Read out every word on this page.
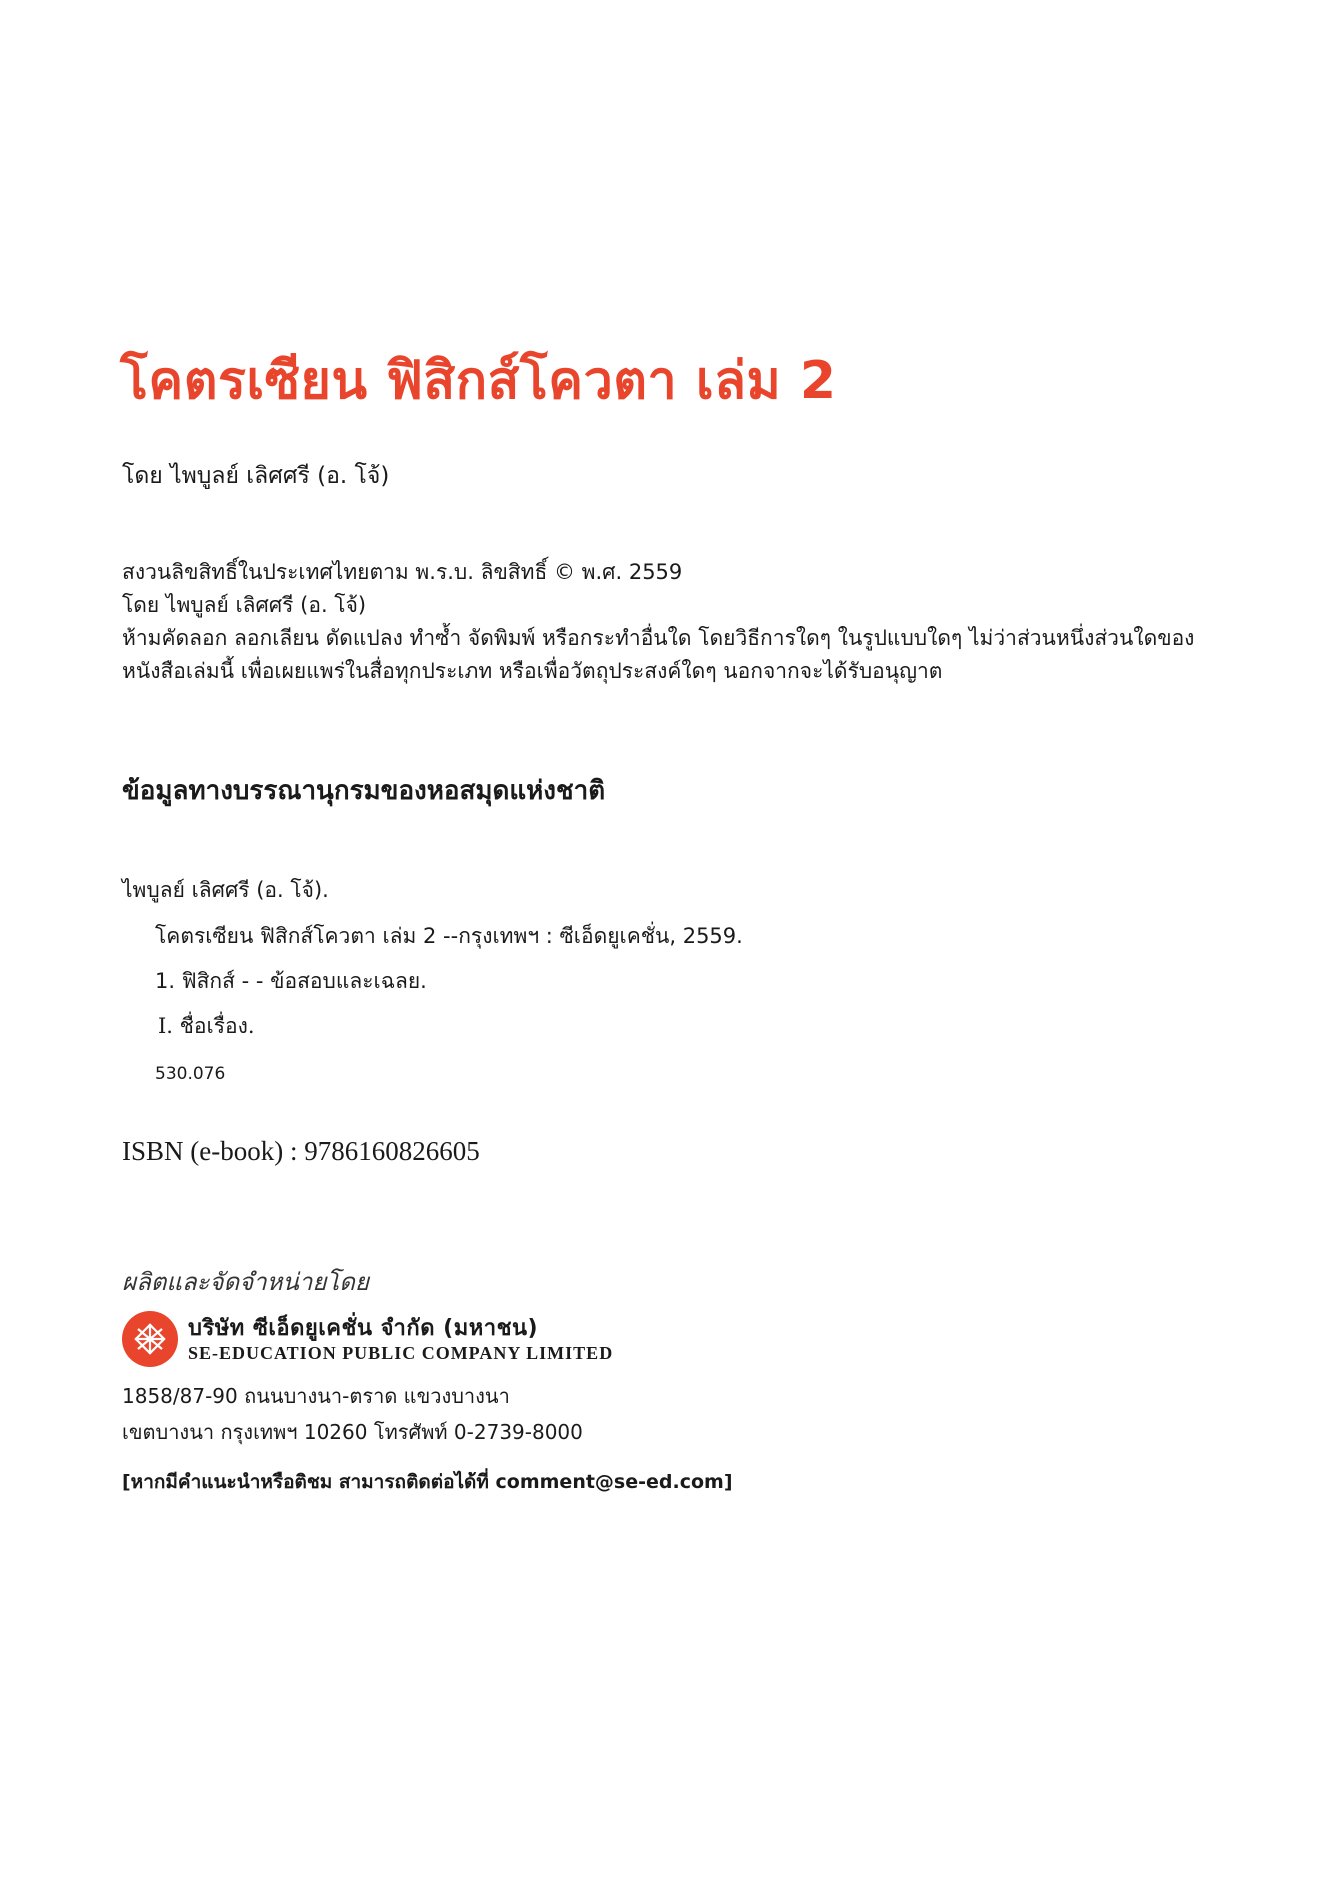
โคตรเซียน ฟิสิกส์โควตา เล่ม 2
โดย ไพบูลย์ เลิศศรี (อ. โจ้)
สงวนลิขสิทธิ์ในประเทศไทยตาม พ.ร.บ. ลิขสิทธิ์ © พ.ศ. 2559
โดย ไพบูลย์ เลิศศรี (อ. โจ้)
ห้ามคัดลอก ลอกเลียน ดัดแปลง ทำซ้ำ จัดพิมพ์ หรือกระทำอื่นใด โดยวิธีการใดๆ ในรูปแบบใดๆ ไม่ว่าส่วนหนึ่งส่วนใดของ
หนังสือเล่มนี้ เพื่อเผยแพร่ในสื่อทุกประเภท หรือเพื่อวัตถุประสงค์ใดๆ นอกจากจะได้รับอนุญาต
ข้อมูลทางบรรณานุกรมของหอสมุดแห่งชาติ
ไพบูลย์ เลิศศรี (อ. โจ้).
โคตรเซียน ฟิสิกส์โควตา เล่ม 2 --กรุงเทพฯ : ซีเอ็ดยูเคชั่น, 2559.
1. ฟิสิกส์ - - ข้อสอบและเฉลย.
I. ชื่อเรื่อง.
530.076
ISBN (e-book) : 9786160826605
ผลิตและจัดจำหน่ายโดย
บริษัท ซีเอ็ดยูเคชั่น จำกัด (มหาชน)
SE-EDUCATION PUBLIC COMPANY LIMITED
1858/87-90 ถนนบางนา-ตราด แขวงบางนา
เขตบางนา กรุงเทพฯ 10260 โทรศัพท์ 0-2739-8000
[หากมีคำแนะนำหรือติชม สามารถติดต่อได้ที่ comment@se-ed.com]
